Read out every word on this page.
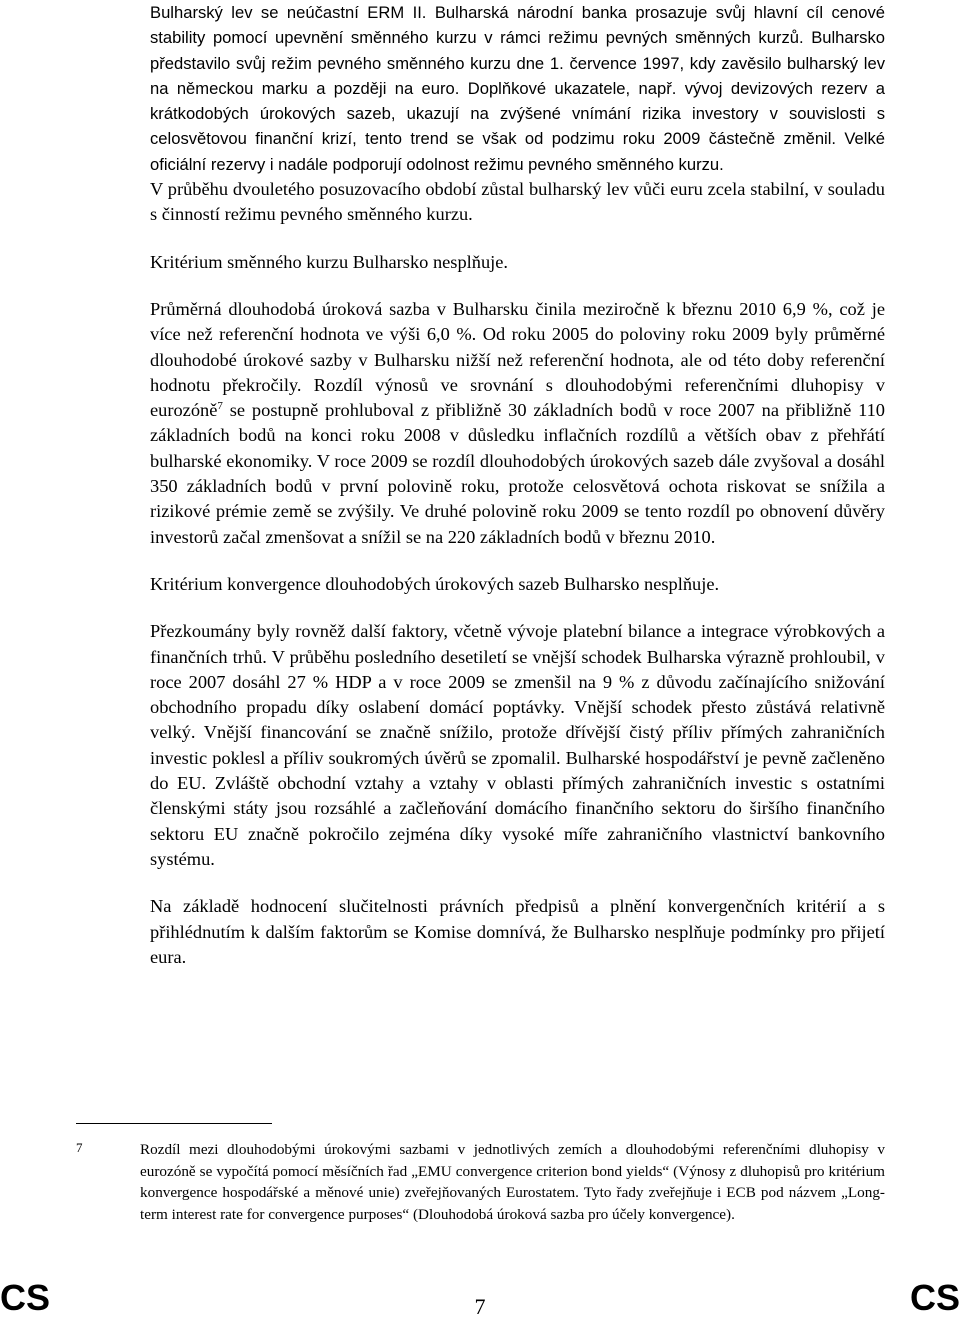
Bulharský lev se neúčastní ERM II. Bulharská národní banka prosazuje svůj hlavní cíl cenové stability pomocí upevnění směnného kurzu v rámci režimu pevných směnných kurzů. Bulharsko představilo svůj režim pevného směnného kurzu dne 1. července 1997, kdy zavěsilo bulharský lev na německou marku a později na euro. Doplňkové ukazatele, např. vývoj devizových rezerv a krátkodobých úrokových sazeb, ukazují na zvýšené vnímání rizika investory v souvislosti s celosvětovou finanční krizí, tento trend se však od podzimu roku 2009 částečně změnil. Velké oficiální rezervy i nadále podporují odolnost režimu pevného směnného kurzu.

V průběhu dvouletého posuzovacího období zůstal bulharský lev vůči euru zcela stabilní, v souladu s činností režimu pevného směnného kurzu.

Kritérium směnného kurzu Bulharsko nesplňuje.

Průměrná dlouhodobá úroková sazba v Bulharsku činila meziročně k březnu 2010 6,9 %, což je více než referenční hodnota ve výši 6,0 %. Od roku 2005 do poloviny roku 2009 byly průměrné dlouhodobé úrokové sazby v Bulharsku nižší než referenční hodnota, ale od této doby referenční hodnotu překročily. Rozdíl výnosů ve srovnání s dlouhodobými referenčními dluhopisy v eurozóně$^7$ se postupně prohluboval z přibližně 30 základních bodů v roce 2007 na přibližně 110 základních bodů na konci roku 2008 v důsledku inflačních rozdílů a větších obav z přehřátí bulharské ekonomiky. V roce 2009 se rozdíl dlouhodobých úrokových sazeb dále zvyšoval a dosáhl 350 základních bodů v první polovině roku, protože celosvětová ochota riskovat se snížila a rizikové prémie země se zvýšily. Ve druhé polovině roku 2009 se tento rozdíl po obnovení důvěry investorů začal zmenšovat a snížil se na 220 základních bodů v březnu 2010.

Kritérium konvergence dlouhodobých úrokových sazeb Bulharsko nesplňuje.

Přezkoumány byly rovněž další faktory, včetně vývoje platební bilance a integrace výrobkových a finančních trhů. V průběhu posledního desetiletí se vnější schodek Bulharska výrazně prohloubil, v roce 2007 dosáhl 27 % HDP a v roce 2009 se zmenšil na 9 % z důvodu začínajícího snižování obchodního propadu díky oslabení domácí poptávky. Vnější schodek přesto zůstává relativně velký. Vnější financování se značně snížilo, protože dřívější čistý příliv přímých zahraničních investic poklesl a příliv soukromých úvěrů se zpomalil. Bulharské hospodářství je pevně začleněno do EU. Zvláště obchodní vztahy a vztahy v oblasti přímých zahraničních investic s ostatními členskými státy jsou rozsáhlé a začleňování domácího finančního sektoru do širšího finančního sektoru EU značně pokročilo zejména díky vysoké míře zahraničního vlastnictví bankovního systému.

Na základě hodnocení slučitelnosti právních předpisů a plnění konvergenčních kritérií a s přihlédnutím k dalším faktorům se Komise domnívá, že Bulharsko nesplňuje podmínky pro přijetí eura.

7	Rozdíl mezi dlouhodobými úrokovými sazbami v jednotlivých zemích a dlouhodobými referenčními dluhopisy v eurozóně se vypočítá pomocí měsíčních řad „EMU convergence criterion bond yields“ (Výnosy z dluhopisů pro kritérium konvergence hospodářské a měnové unie) zveřejňovaných Eurostatem. Tyto řady zveřejňuje i ECB pod názvem „Long-term interest rate for convergence purposes“ (Dlouhodobá úroková sazba pro účely konvergence).

CS	7	CS
